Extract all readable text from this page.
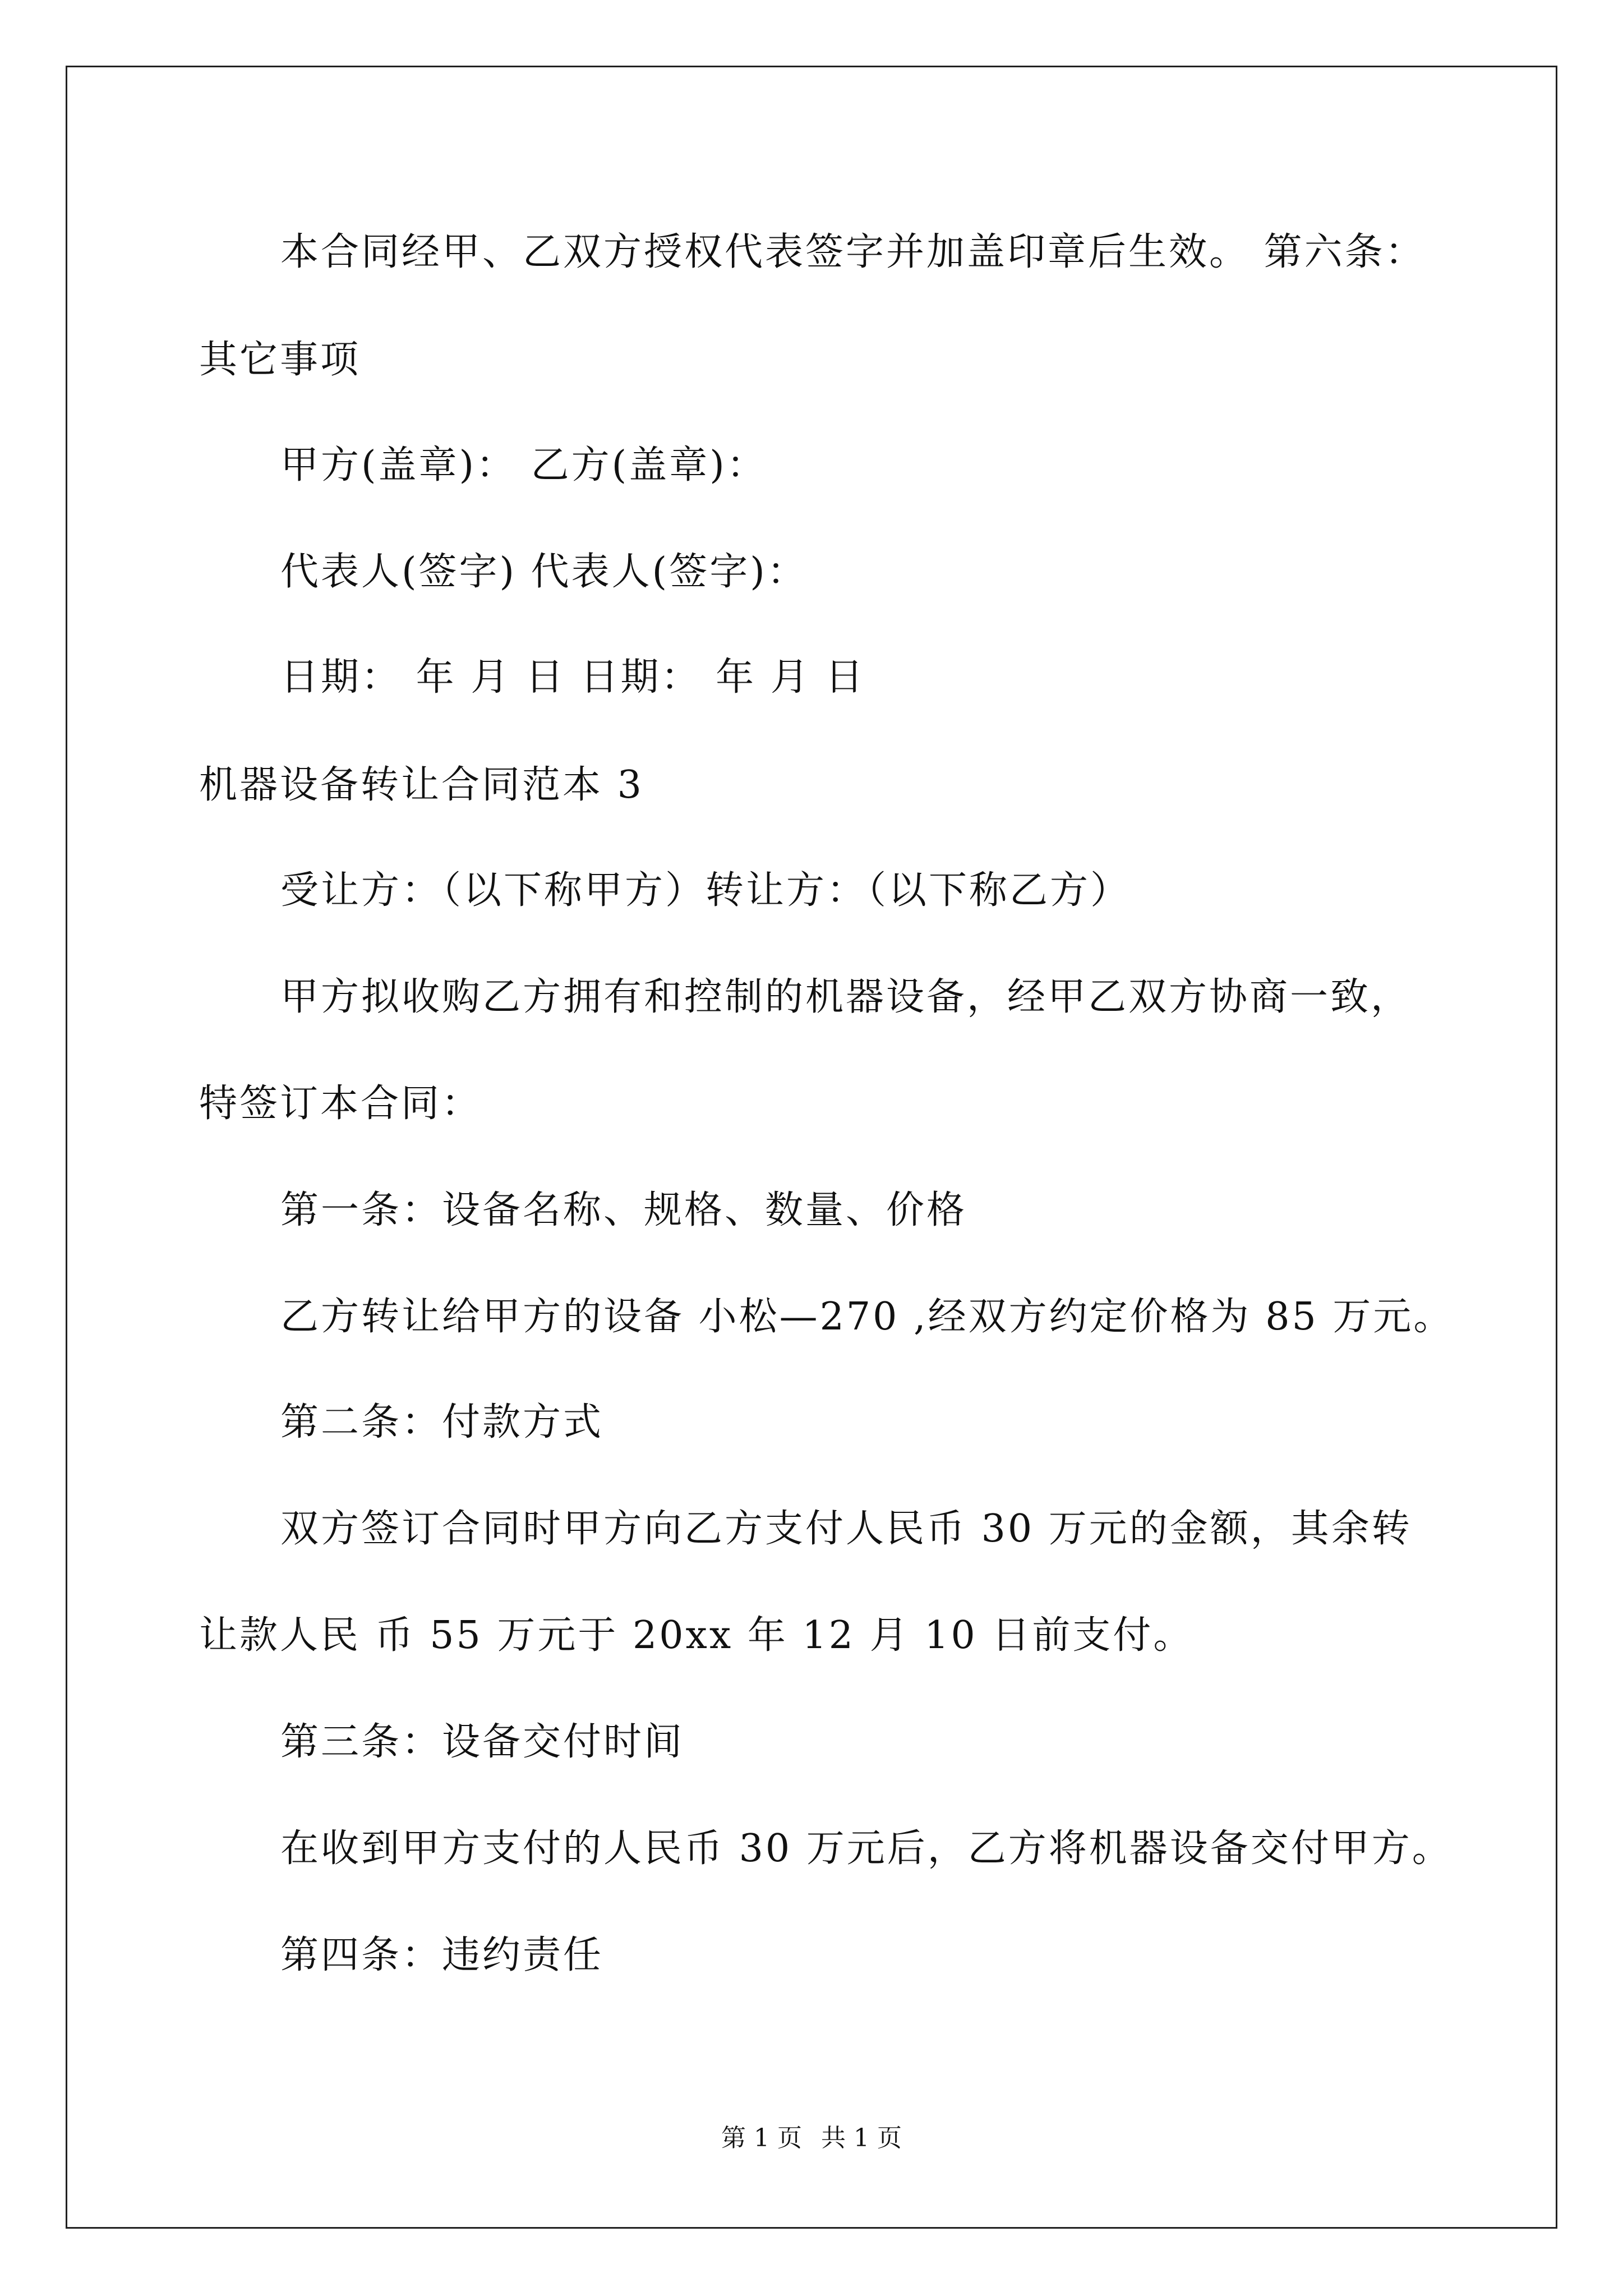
本合同经甲、乙双方授权代表签字并加盖印章后生效。 第六条：
其它事项
甲方(盖章)： 乙方(盖章)：
代表人(签字) 代表人(签字)：
日期： 年 月 日 日期： 年 月 日
机器设备转让合同范本 3
受让方：（以下称甲方）转让方：（以下称乙方）
甲方拟收购乙方拥有和控制的机器设备，经甲乙双方协商一致，
特签订本合同：
第一条：设备名称、规格、数量、价格
乙方转让给甲方的设备 小松—270 ,经双方约定价格为 85 万元。
第二条：付款方式
双方签订合同时甲方向乙方支付人民币 30 万元的金额，其余转
让款人民 币 55 万元于 20xx 年 12 月 10 日前支付。
第三条：设备交付时间
在收到甲方支付的人民币 30 万元后，乙方将机器设备交付甲方。
第四条：违约责任
第 1 页 共 1 页
